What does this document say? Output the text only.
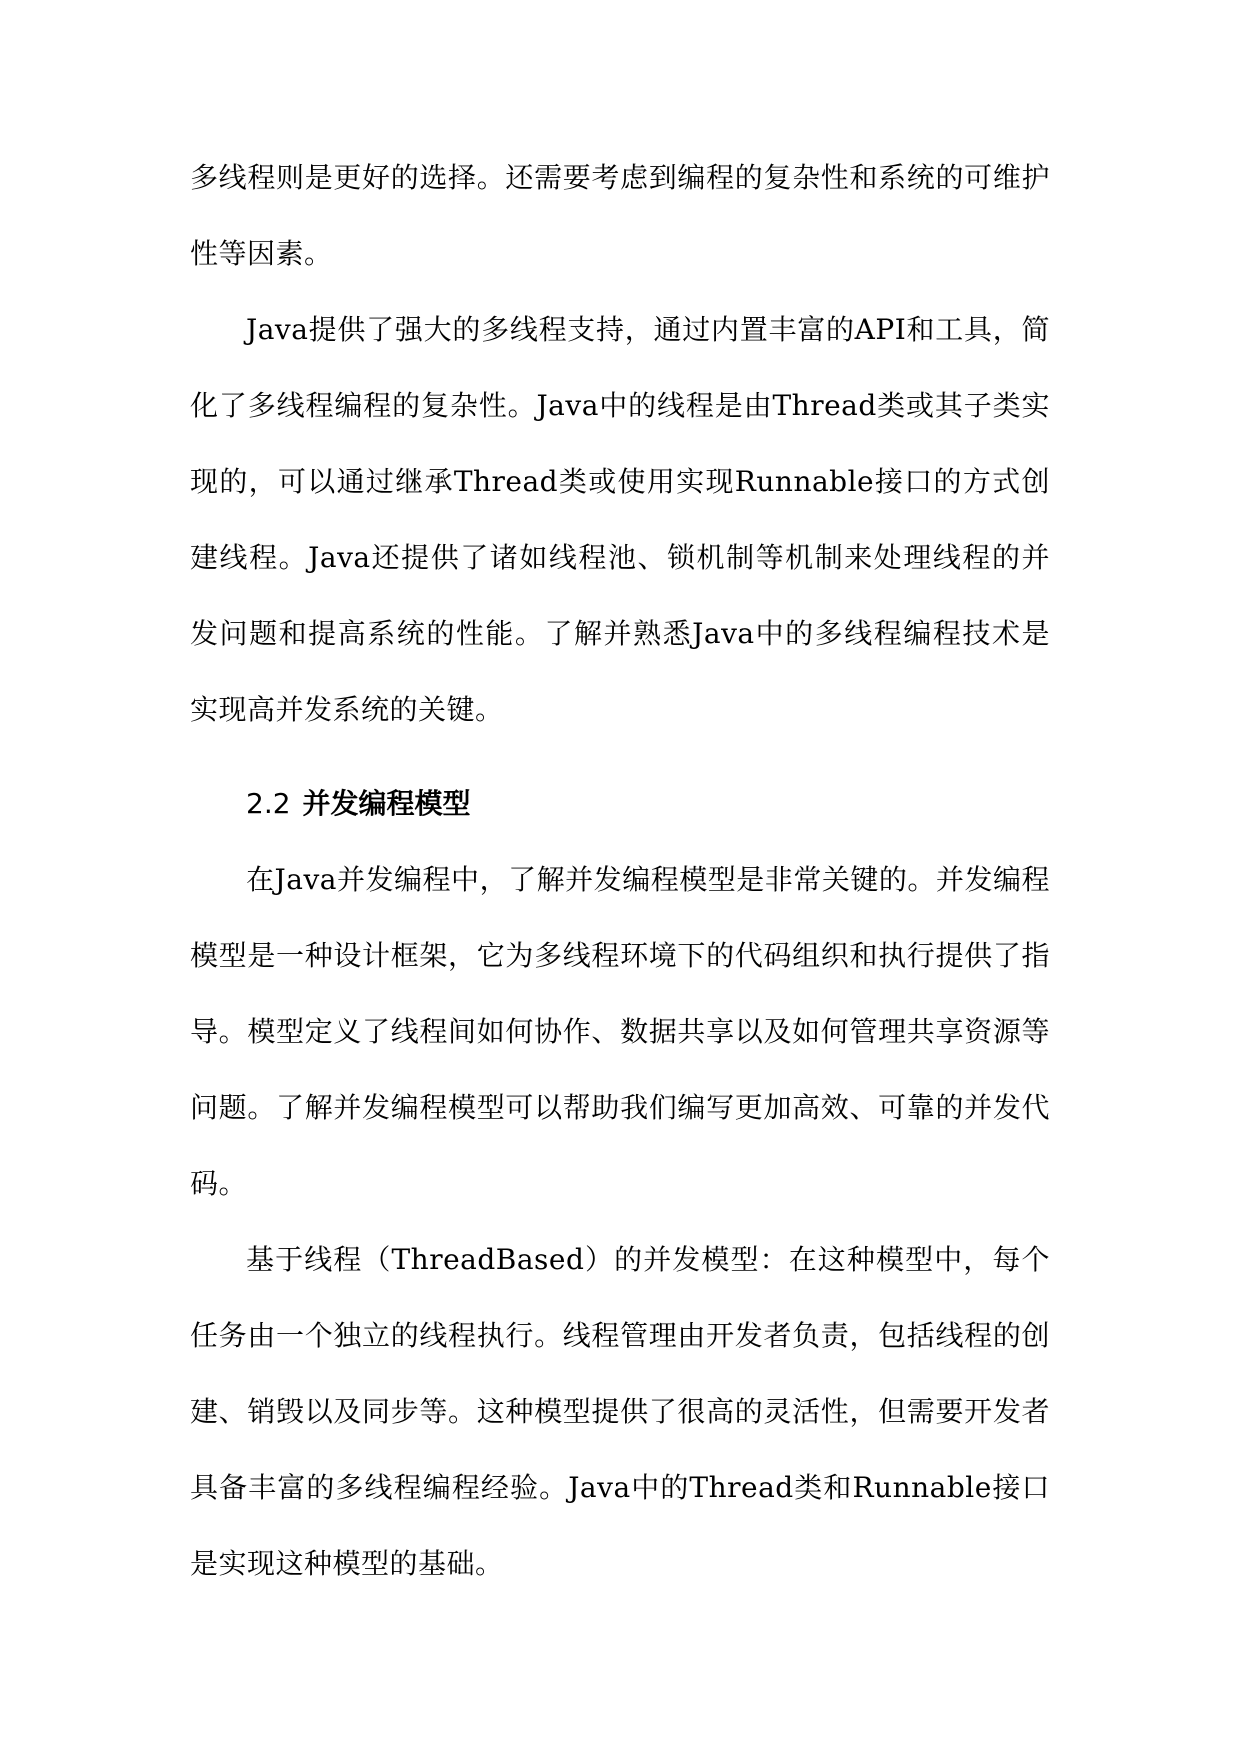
多线程则是更好的选择。还需要考虑到编程的复杂性和系统的可维护性等因素。

Java提供了强大的多线程支持，通过内置丰富的API和工具，简化了多线程编程的复杂性。Java中的线程是由Thread类或其子类实现的，可以通过继承Thread类或使用实现Runnable接口的方式创建线程。Java还提供了诸如线程池、锁机制等机制来处理线程的并发问题和提高系统的性能。了解并熟悉Java中的多线程编程技术是实现高并发系统的关键。

2.2 并发编程模型

在Java并发编程中，了解并发编程模型是非常关键的。并发编程模型是一种设计框架，它为多线程环境下的代码组织和执行提供了指导。模型定义了线程间如何协作、数据共享以及如何管理共享资源等问题。了解并发编程模型可以帮助我们编写更加高效、可靠的并发代码。

基于线程（ThreadBased）的并发模型：在这种模型中，每个任务由一个独立的线程执行。线程管理由开发者负责，包括线程的创建、销毁以及同步等。这种模型提供了很高的灵活性，但需要开发者具备丰富的多线程编程经验。Java中的Thread类和Runnable接口是实现这种模型的基础。
